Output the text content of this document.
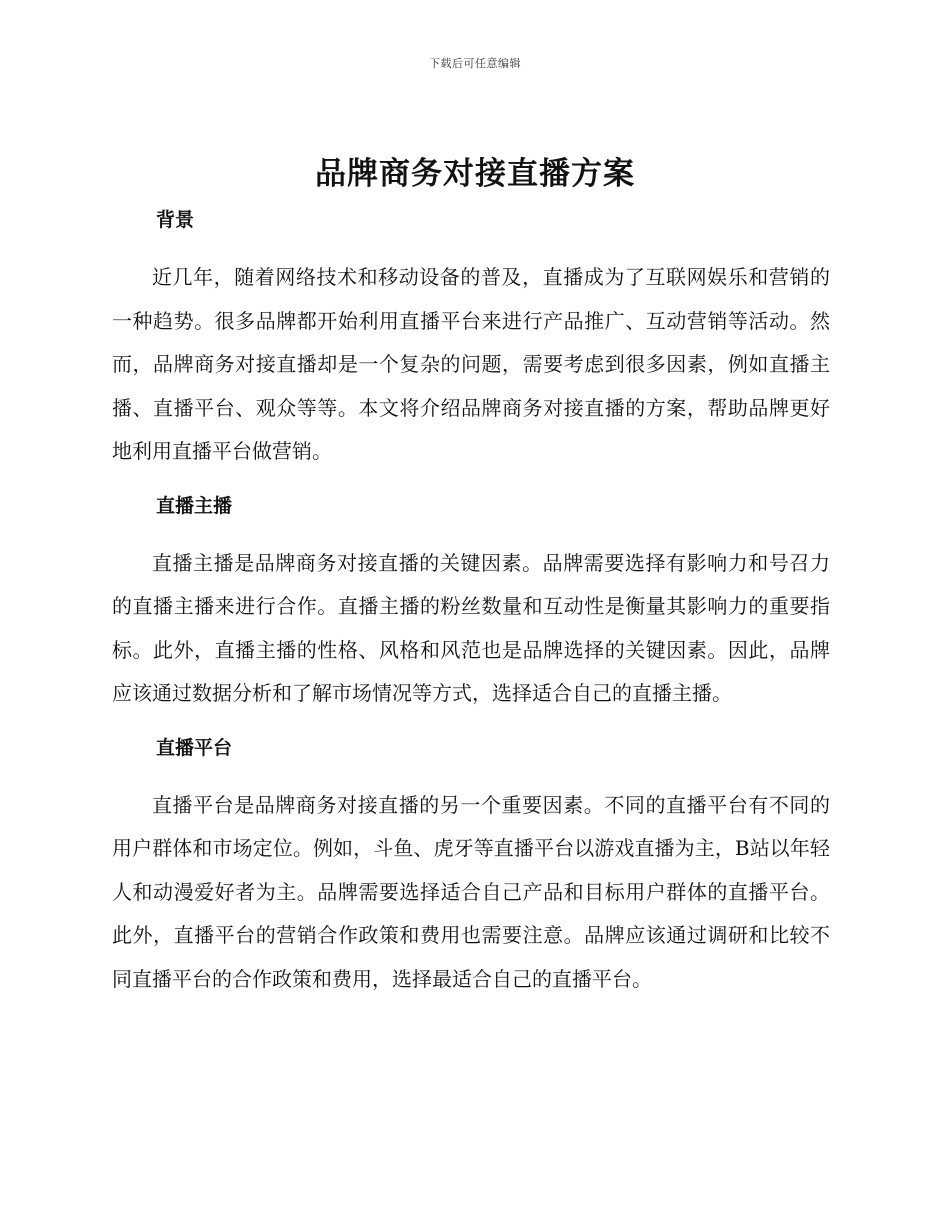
下载后可任意编辑
品牌商务对接直播方案
背景

近几年，随着网络技术和移动设备的普及，直播成为了互联网娱乐和营销的一种趋势。很多品牌都开始利用直播平台来进行产品推广、互动营销等活动。然而，品牌商务对接直播却是一个复杂的问题，需要考虑到很多因素，例如直播主播、直播平台、观众等等。本文将介绍品牌商务对接直播的方案，帮助品牌更好地利用直播平台做营销。

直播主播

直播主播是品牌商务对接直播的关键因素。品牌需要选择有影响力和号召力的直播主播来进行合作。直播主播的粉丝数量和互动性是衡量其影响力的重要指标。此外，直播主播的性格、风格和风范也是品牌选择的关键因素。因此，品牌应该通过数据分析和了解市场情况等方式，选择适合自己的直播主播。

直播平台

直播平台是品牌商务对接直播的另一个重要因素。不同的直播平台有不同的用户群体和市场定位。例如，斗鱼、虎牙等直播平台以游戏直播为主，B站以年轻人和动漫爱好者为主。品牌需要选择适合自己产品和目标用户群体的直播平台。此外，直播平台的营销合作政策和费用也需要注意。品牌应该通过调研和比较不同直播平台的合作政策和费用，选择最适合自己的直播平台。
